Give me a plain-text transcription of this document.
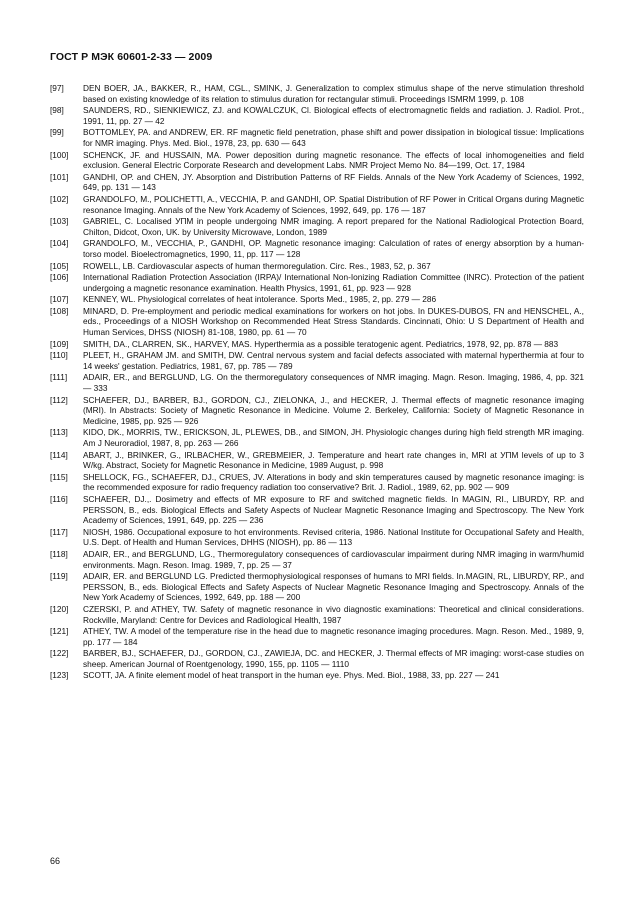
ГОСТ Р МЭК 60601-2-33 — 2009
[97]	DEN BOER, JA., BAKKER, R., HAM, CGL., SMINK, J. Generalization to complex stimulus shape of the nerve stimulation threshold based on existing knowledge of its relation to stimulus duration for rectangular stimuli. Proceedings ISMRM 1999, p. 108
[98]	SAUNDERS, RD., SIENKIEWICZ, ZJ. and KOWALCZUK, Cl. Biological effects of electromagnetic fields and radiation. J. Radiol. Prot., 1991, 11, pp. 27 — 42
[99]	BOTTOMLEY, PA. and ANDREW, ER. RF magnetic field penetration, phase shift and power dissipation in biological tissue: Implications for NMR imaging. Phys. Med. Biol., 1978, 23, pp. 630 — 643
[100]	SCHENCK, JF. and HUSSAIN, MA. Power deposition during magnetic resonance. The effects of local inhomogeneities and field exclusion. General Electric Corporate Research and development Labs. NMR Project Memo No. 84—199, Oct. 17, 1984
[101]	GANDHI, OP. and CHEN, JY. Absorption and Distribution Patterns of RF Fields. Annals of the New York Academy of Sciences, 1992, 649, pp. 131 — 143
[102]	GRANDOLFO, M., POLICHETTI, A., VECCHIA, P. and GANDHI, OP. Spatial Distribution of RF Power in Critical Organs during Magnetic resonance Imaging. Annals of the New York Academy of Sciences, 1992, 649, pp. 176 — 187
[103]	GABRIEL, C. Localised УПМ in people undergoing NMR imaging. A report prepared for the National Radiological Protection Board, Chilton, Didcot, Oxon, UK. by University Microwave, London, 1989
[104]	GRANDOLFO, M., VECCHIA, P., GANDHI, OP. Magnetic resonance imaging: Calculation of rates of energy absorption by a human-torso model. Bioelectromagnetics, 1990, 11, pp. 117 — 128
[105]	ROWELL, LB. Cardiovascular aspects of human thermoregulation. Circ. Res., 1983, 52, p. 367
[106]	International Radiation Protection Association (IRPA)/ International Non-Ionizing Radiation Committee (INRC). Protection of the patient undergoing a magnetic resonance examination. Health Physics, 1991, 61, pp. 923 — 928
[107]	KENNEY, WL. Physiological correlates of heat intolerance. Sports Med., 1985, 2, pp. 279 — 286
[108]	MINARD, D. Pre-employment and periodic medical examinations for workers on hot jobs. In DUKES-DUBOS, FN and HENSCHEL, A., eds., Proceedings of a NIOSH Workshop on Recommended Heat Stress Standards. Cincinnati, Ohio: U S Department of Health and Human Services, DHSS (NIOSH) 81-108, 1980, pp. 61 — 70
[109]	SMITH, DA., CLARREN, SK., HARVEY, MAS. Hyperthermia as a possible teratogenic agent. Pediatrics, 1978, 92, pp. 878 — 883
[110]	PLEET, H., GRAHAM JM. and SMITH, DW. Central nervous system and facial defects associated with maternal hyperthermia at four to 14 weeks' gestation. Pediatrics, 1981, 67, pp. 785 — 789
[111]	ADAIR, ER., and BERGLUND, LG. On the thermoregulatory consequences of NMR imaging. Magn. Reson. Imaging, 1986, 4, pp. 321 — 333
[112]	SCHAEFER, DJ., BARBER, BJ., GORDON, CJ., ZIELONKA, J., and HECKER, J. Thermal effects of magnetic resonance imaging (MRI). In Abstracts: Society of Magnetic Resonance in Medicine. Volume 2. Berkeley, California: Society of Magnetic Resonance in Medicine, 1985, pp. 925 — 926
[113]	KIDO, DK., MORRIS, TW., ERICKSON, JL, PLEWES, DB., and SIMON, JH. Physiologic changes during high field strength MR imaging. Am J Neuroradiol, 1987, 8, pp. 263 — 266
[114]	ABART, J., BRINKER, G., IRLBACHER, W., GREBMEIER, J. Temperature and heart rate changes in, MRI at УПМ levels of up to 3 W/kg. Abstract, Society for Magnetic Resonance in Medicine, 1989 August, p. 998
[115]	SHELLOCK, FG., SCHAEFER, DJ., CRUES, JV. Alterations in body and skin temperatures caused by magnetic resonance imaging: is the recommended exposure for radio frequency radiation too conservative? Brit. J. Radiol., 1989, 62, pp. 902 — 909
[116]	SCHAEFER, DJ.,. Dosimetry and effects of MR exposure to RF and switched magnetic fields. In MAGIN, RI., LIBURDY, RP. and PERSSON, B., eds. Biological Effects and Safety Aspects of Nuclear Magnetic Resonance Imaging and Spectroscopy. The New York Academy of Sciences, 1991, 649, pp. 225 — 236
[117]	NIOSH, 1986. Occupational exposure to hot environments. Revised criteria, 1986. National Institute for Occupational Safety and Health, U.S. Dept. of Health and Human Services, DHHS (NIOSH), pp. 86 — 113
[118]	ADAIR, ER., and BERGLUND, LG., Thermoregulatory consequences of cardiovascular impairment during NMR imaging in warm/humid environments. Magn. Reson. Imag. 1989, 7, pp. 25 — 37
[119]	ADAIR, ER. and BERGLUND LG. Predicted thermophysiological responses of humans to MRI fields. In.MAGIN, RL, LIBURDY, RP., and PERSSON, B., eds. Biological Effects and Safety Aspects of Nuclear Magnetic Resonance Imaging and Spectroscopy. Annals of the New York Academy of Sciences, 1992, 649, pp. 188 — 200
[120]	CZERSKI, P. and ATHEY, TW. Safety of magnetic resonance in vivo diagnostic examinations: Theoretical and clinical considerations. Rockville, Maryland: Centre for Devices and Radiological Health, 1987
[121]	ATHEY, TW. A model of the temperature rise in the head due to magnetic resonance imaging procedures. Magn. Reson. Med., 1989, 9, pp. 177 — 184
[122]	BARBER, BJ., SCHAEFER, DJ., GORDON, CJ., ZAWIEJA, DC. and HECKER, J. Thermal effects of MR imaging: worst-case studies on sheep. American Journal of Roentgenology, 1990, 155, pp. 1105 — 1110
[123]	SCOTT, JA. A finite element model of heat transport in the human eye. Phys. Med. Biol., 1988, 33, pp. 227 — 241
66
